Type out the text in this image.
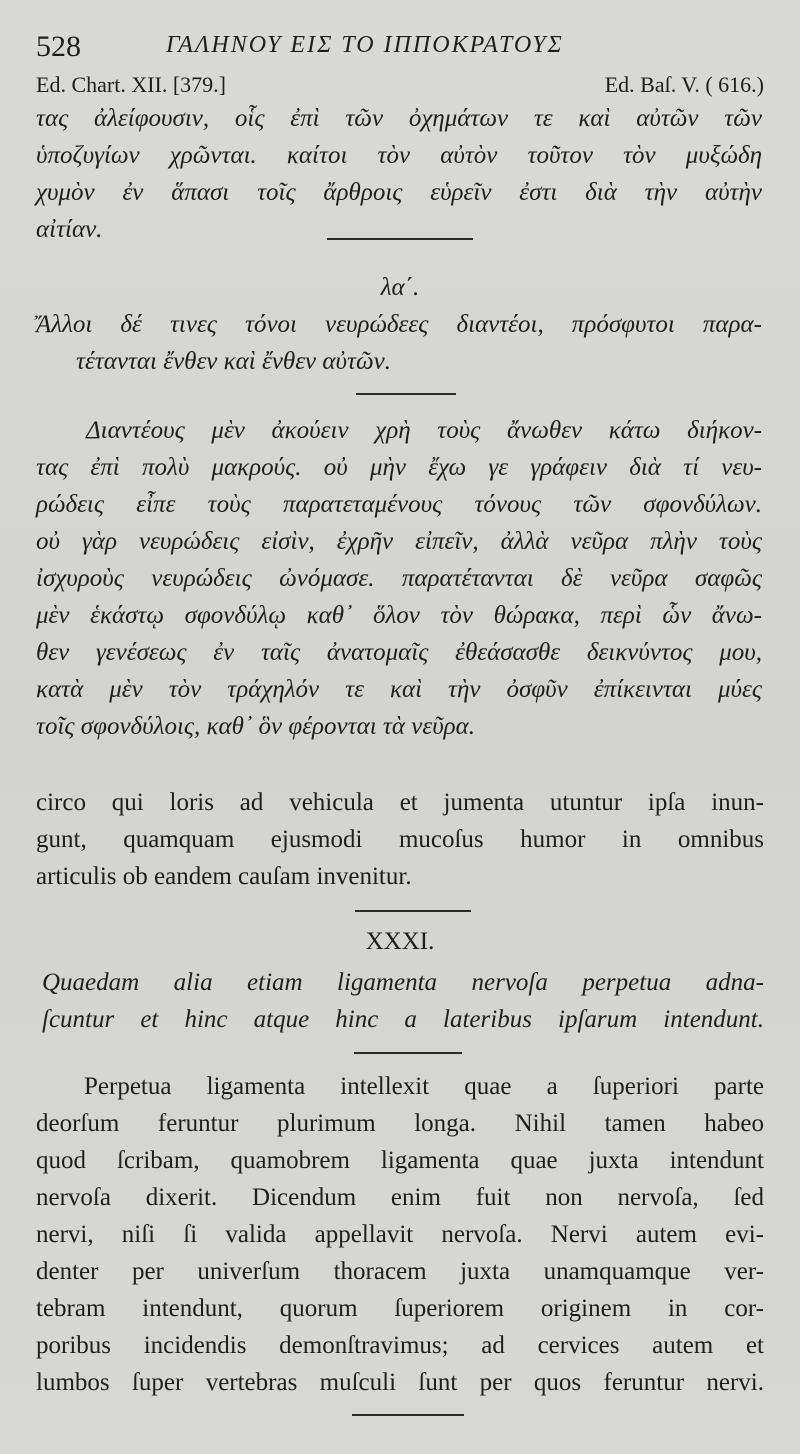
528	ΓΑΛΗΝΟΥ ΕΙΣ ΤΟ ΙΠΠΟΚΡΑΤΟΥΣ
Ed. Chart. XII. [379.]	Ed. Baſ. V. ( 616.)
τας ἀλείφουσιν, οἷς ἐπὶ τῶν ὀχημάτων τε καὶ αὐτῶν τῶν
ὑποζυγίων χρῶνται. καίτοι τὸν αὐτὸν τοῦτον τὸν μυξώδη
χυμὸν ἐν ἅπασι τοῖς ἄρθροις εὑρεῖν ἐστι διὰ τὴν αὐτὴν
αἰτίαν.
λα΄.
Ἄλλοι δέ τινες τόνοι νευρώδεες διαντέοι, πρόσφυτοι παρα-
τέτανται ἔνθεν καὶ ἔνθεν αὐτῶν.
Διαντέους μὲν ἀκούειν χρὴ τοὺς ἄνωθεν κάτω διήκον-
τας ἐπὶ πολὺ μακρούς. οὐ μὴν ἔχω γε γράφειν διὰ τί νευ-
ρώδεις εἶπε τοὺς παρατεταμένους τόνους τῶν σφονδύλων.
οὐ γὰρ νευρώδεις εἰσὶν, ἐχρῆν εἰπεῖν, ἀλλὰ νεῦρα πλὴν τοὺς
ἰσχυροὺς νευρώδεις ὠνόμασε. παρατέτανται δὲ νεῦρα σαφῶς
μὲν ἑκάστῳ σφονδύλῳ καθ᾽ ὅλον τὸν θώρακα, περὶ ὧν ἄνω-
θεν γενέσεως ἐν ταῖς ἀνατομαῖς ἐθεάσασθε δεικνύντος μου,
κατὰ μὲν τὸν τράχηλόν τε καὶ τὴν ὀσφῦν ἐπίκεινται μύες
τοῖς σφονδύλοις, καθ᾽ ὃν φέρονται τὰ νεῦρα.
circo qui loris ad vehicula et jumenta utuntur ipſa inun-
gunt, quamquam ejusmodi mucoſus humor in omnibus
articulis ob eandem cauſam invenitur.
XXXI.
Quaedam alia etiam ligamenta nervoſa perpetua adna-
ſcuntur et hinc atque hinc a lateribus ipſarum intendunt.
Perpetua ligamenta intellexit quae a ſuperiori parte
deorſum feruntur plurimum longa. Nihil tamen habeo
quod ſcribam, quamobrem ligamenta quae juxta intendunt
nervoſa dixerit. Dicendum enim fuit non nervoſa, ſed
nervi, niſi ſi valida appellavit nervoſa. Nervi autem evi-
denter per univerſum thoracem juxta unamquamque ver-
tebram intendunt, quorum ſuperiorem originem in cor-
poribus incidendis demonſtravimus; ad cervices autem et
lumbos ſuper vertebras muſculi ſunt per quos feruntur nervi.
